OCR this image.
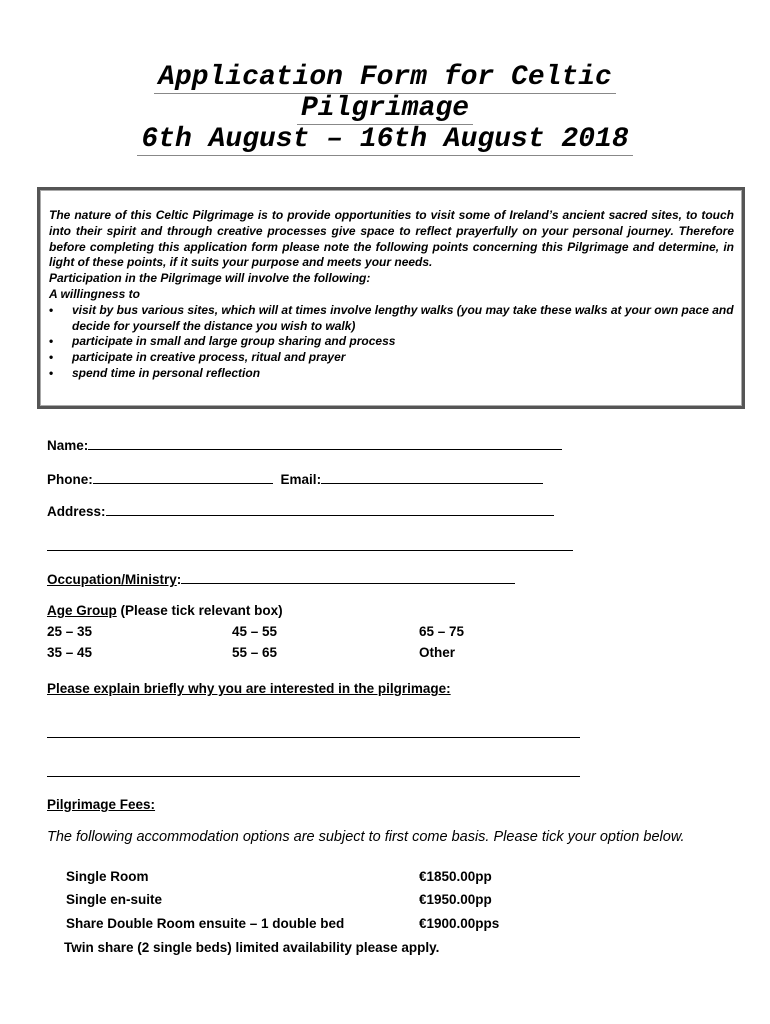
Application Form for Celtic
Pilgrimage
6th August – 16th August 2018

The nature of this Celtic Pilgrimage is to provide opportunities to visit some of Ireland’s ancient sacred sites, to touch into their spirit and through creative processes give space to reflect prayerfully on your personal journey. Therefore before completing this application form please note the following points concerning this Pilgrimage and determine, in light of these points, if it suits your purpose and meets your needs.

Participation in the Pilgrimage will involve the following:

A willingness to

• visit by bus various sites, which will at times involve lengthy walks (you may take these walks at your own pace and decide for yourself the distance you wish to walk)
• participate in small and large group sharing and process
• participate in creative process, ritual and prayer
• spend time in personal reflection
Name:
Phone:	Email:
Address:
Occupation/Ministry:
Age Group (Please tick relevant box)
25 – 35	45 – 55	65 – 75
35 – 45	55 – 65	Other
Please explain briefly why you are interested in the pilgrimage:
Pilgrimage Fees:
The following accommodation options are subject to first come basis. Please tick your option below.
Single Room	€1850.00pp
Single en-suite	€1950.00pp
Share Double Room ensuite – 1 double bed	€1900.00pps
Twin share (2 single beds) limited availability please apply.
